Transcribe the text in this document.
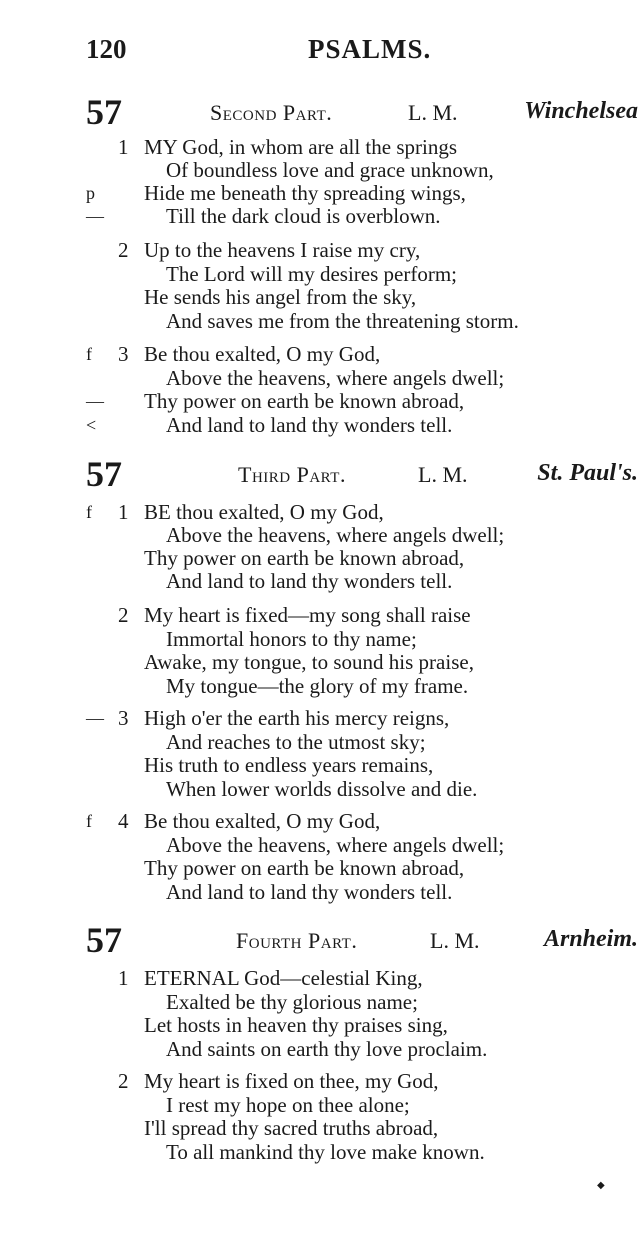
120	PSALMS.
57	Second Part.	L. M.	Winchelsea
1 MY God, in whom are all the springs
Of boundless love and grace unknown,
p	Hide me beneath thy spreading wings,
—	Till the dark cloud is overblown.
2 Up to the heavens I raise my cry,
The Lord will my desires perform;
He sends his angel from the sky,
And saves me from the threatening storm.
3
f	Be thou exalted, O my God,
Above the heavens, where angels dwell;
—	Thy power on earth be known abroad,
<	And land to land thy wonders tell.
57	Third Part.	L. M.	St. Paul's.
1
f	BE thou exalted, O my God,
Above the heavens, where angels dwell;
Thy power on earth be known abroad,
And land to land thy wonders tell.
2 My heart is fixed—my song shall raise
Immortal honors to thy name;
Awake, my tongue, to sound his praise,
My tongue—the glory of my frame.
3
—	High o'er the earth his mercy reigns,
And reaches to the utmost sky;
His truth to endless years remains,
When lower worlds dissolve and die.
4
f	Be thou exalted, O my God,
Above the heavens, where angels dwell;
Thy power on earth be known abroad,
And land to land thy wonders tell.
57	Fourth Part.	L. M.	Arnheim.
1 ETERNAL God—celestial King,
Exalted be thy glorious name;
Let hosts in heaven thy praises sing,
And saints on earth thy love proclaim.
2 My heart is fixed on thee, my God,
I rest my hope on thee alone;
I'll spread thy sacred truths abroad,
To all mankind thy love make known.
◆
